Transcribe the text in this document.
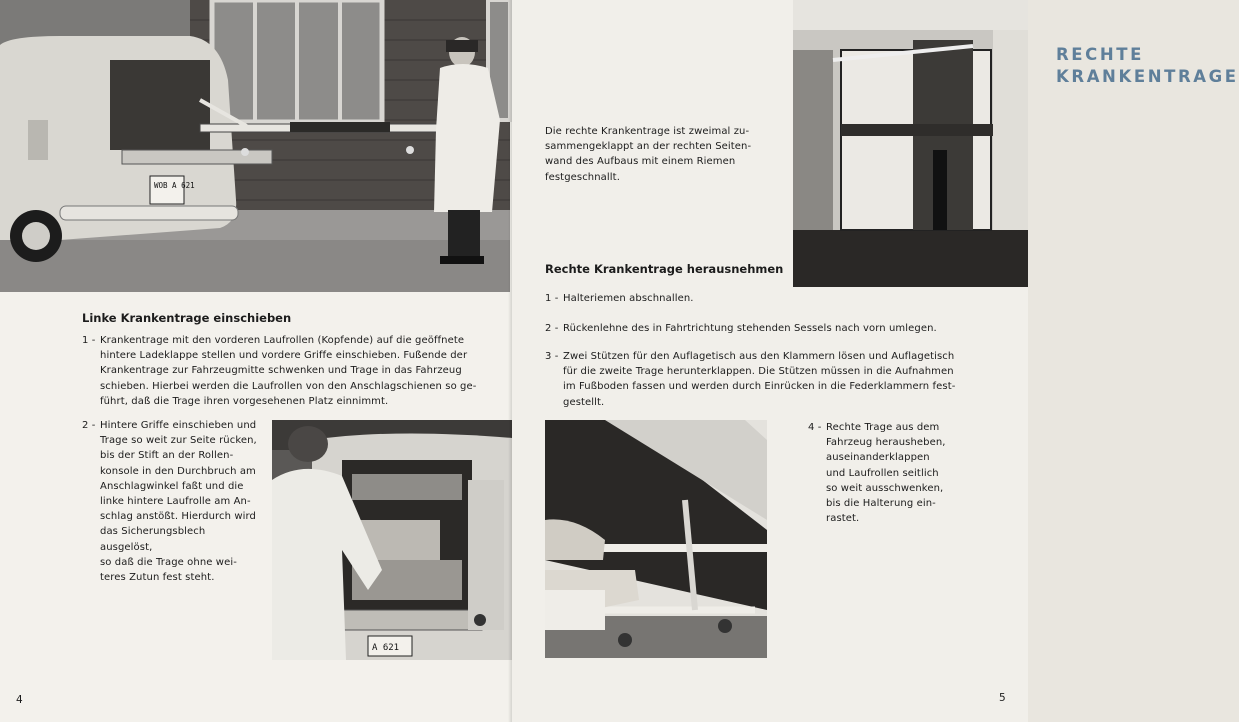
WOB A 621
Linke Krankentrage einschieben
1 - Krankentrage mit den vorderen Laufrollen (Kopfende) auf die geöffnete
hintere Ladeklappe stellen und vordere Griffe einschieben. Fußende der
Krankentrage zur Fahrzeugmitte schwenken und Trage in das Fahrzeug
schieben. Hierbei werden die Laufrollen von den Anschlagschienen so ge-
führt, daß die Trage ihren vorgesehenen Platz einnimmt.
2 - Hintere Griffe einschieben und
Trage so weit zur Seite rücken,
bis der Stift an der Rollen-
konsole in den Durchbruch am
Anschlagwinkel faßt und die
linke hintere Laufrolle am An-
schlag anstößt. Hierdurch wird
das Sicherungsblech ausgelöst,
so daß die Trage ohne wei-
teres Zutun fest steht.
A 621
4
RECHTE
KRANKENTRAGE
Die rechte Krankentrage ist zweimal zu-
sammengeklappt an der rechten Seiten-
wand des Aufbaus mit einem Riemen
festgeschnallt.
Rechte Krankentrage herausnehmen
1 - Halteriemen abschnallen.
2 - Rückenlehne des in Fahrtrichtung stehenden Sessels nach vorn umlegen.
3 - Zwei Stützen für den Auflagetisch aus den Klammern lösen und Auflagetisch
für die zweite Trage herunterklappen. Die Stützen müssen in die Aufnahmen
im Fußboden fassen und werden durch Einrücken in die Federklammern fest-
gestellt.
4 - Rechte Trage aus dem
Fahrzeug herausheben,
auseinanderklappen
und Laufrollen seitlich
so weit ausschwenken,
bis die Halterung ein-
rastet.
5
